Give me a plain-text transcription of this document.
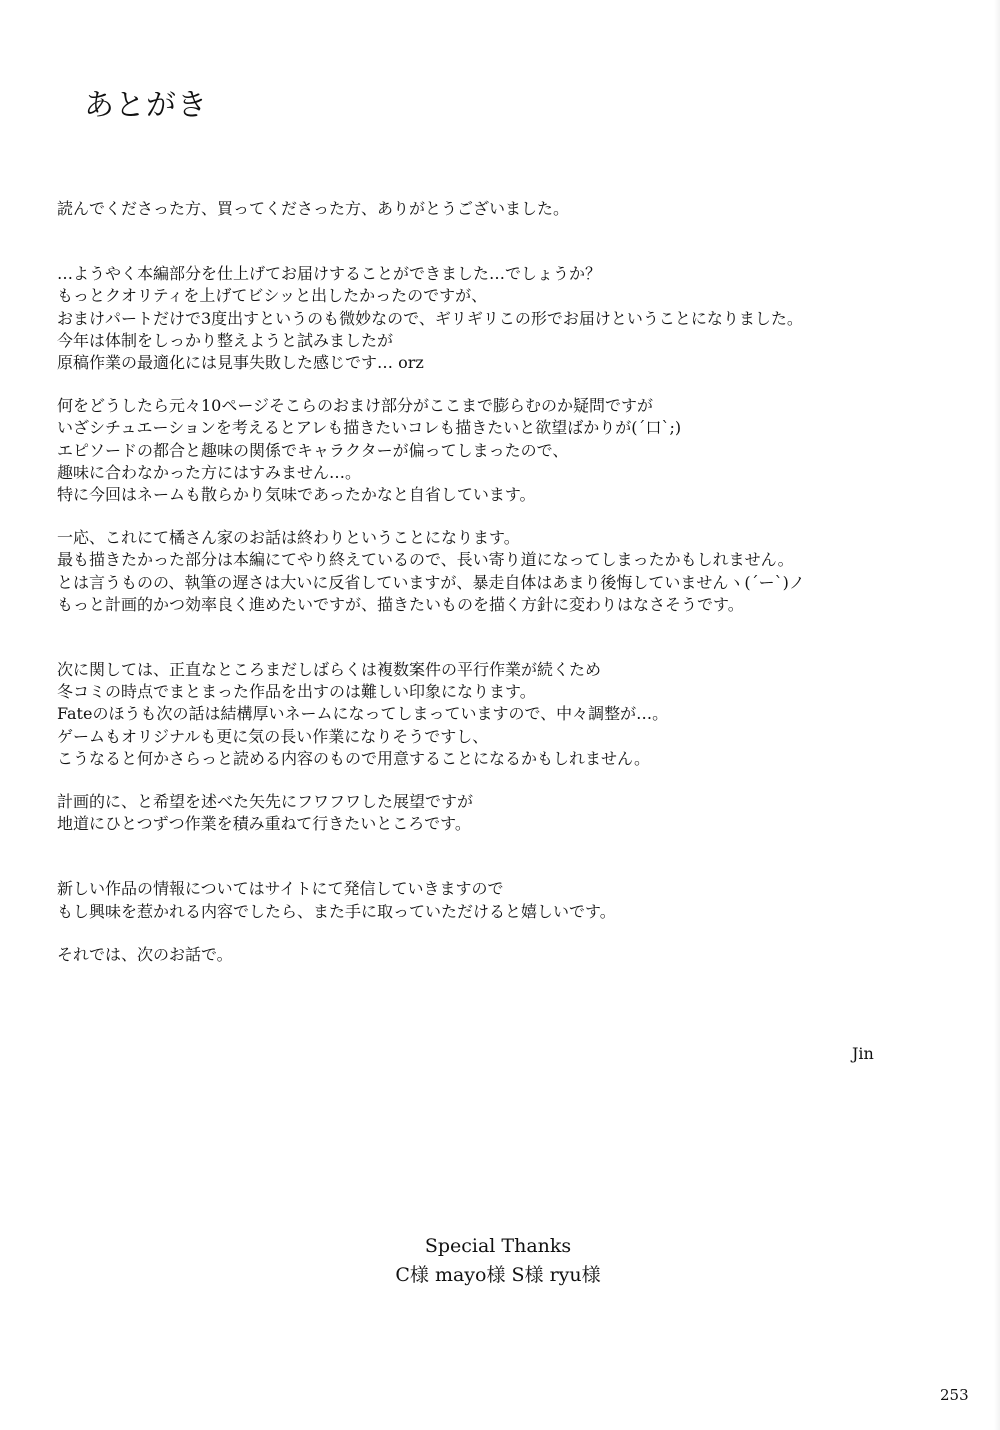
あとがき
読んでくださった方、買ってくださった方、ありがとうございました。
…ようやく本編部分を仕上げてお届けすることができました…でしょうか？
もっとクオリティを上げてビシッと出したかったのですが、
おまけパートだけで3度出すというのも微妙なので、ギリギリこの形でお届けということになりました。
今年は体制をしっかり整えようと試みましたが
原稿作業の最適化には見事失敗した感じです… orz
何をどうしたら元々10ページそこらのおまけ部分がここまで膨らむのか疑問ですが
いざシチュエーションを考えるとアレも描きたいコレも描きたいと欲望ばかりが(´口`;)
エピソードの都合と趣味の関係でキャラクターが偏ってしまったので、
趣味に合わなかった方にはすみません…。
特に今回はネームも散らかり気味であったかなと自省しています。
一応、これにて橘さん家のお話は終わりということになります。
最も描きたかった部分は本編にてやり終えているので、長い寄り道になってしまったかもしれません。
とは言うものの、執筆の遅さは大いに反省していますが、暴走自体はあまり後悔していませんヽ(´ー`)ノ
もっと計画的かつ効率良く進めたいですが、描きたいものを描く方針に変わりはなさそうです。
次に関しては、正直なところまだしばらくは複数案件の平行作業が続くため
冬コミの時点でまとまった作品を出すのは難しい印象になります。
Fateのほうも次の話は結構厚いネームになってしまっていますので、中々調整が…。
ゲームもオリジナルも更に気の長い作業になりそうですし、
こうなると何かさらっと読める内容のもので用意することになるかもしれません。
計画的に、と希望を述べた矢先にフワフワした展望ですが
地道にひとつずつ作業を積み重ねて行きたいところです。
新しい作品の情報についてはサイトにて発信していきますので
もし興味を惹かれる内容でしたら、また手に取っていただけると嬉しいです。
それでは、次のお話で。
Jin
Special Thanks
C様 mayo様 S様 ryu様
253
